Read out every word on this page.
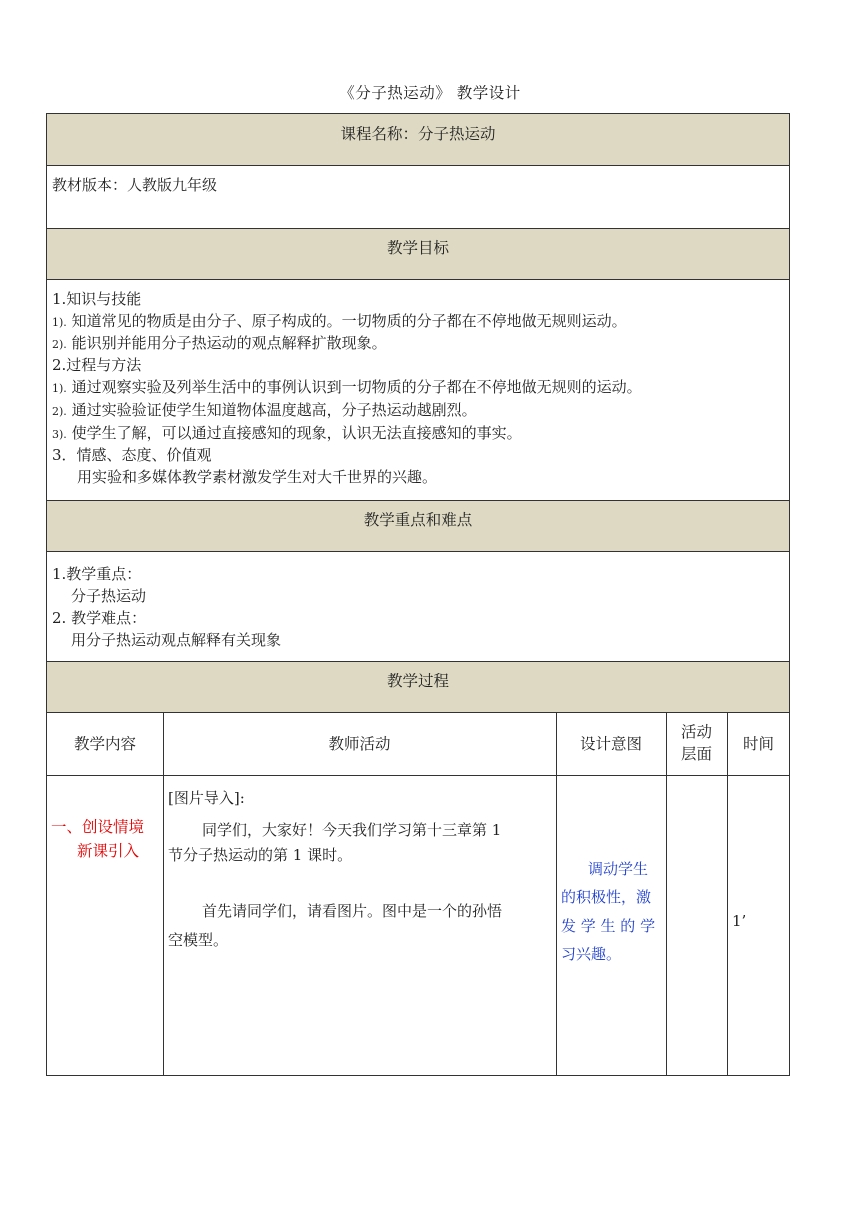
《分子热运动》 教学设计
课程名称：分子热运动
教材版本：人教版九年级
教学目标
1.知识与技能
1). 知道常见的物质是由分子、原子构成的。一切物质的分子都在不停地做无规则运动。
2). 能识别并能用分子热运动的观点解释扩散现象。
2.过程与方法
1). 通过观察实验及列举生活中的事例认识到一切物质的分子都在不停地做无规则的运动。
2). 通过实验验证使学生知道物体温度越高，分子热运动越剧烈。
3). 使学生了解，可以通过直接感知的现象，认识无法直接感知的事实。
3．情感、态度、价值观
用实验和多媒体教学素材激发学生对大千世界的兴趣。
教学重点和难点
1.教学重点：
分子热运动
2. 教学难点：
用分子热运动观点解释有关现象
教学过程
教学内容	教师活动	设计意图
活动
层面
时间
一、创设情境
新课引入
[图片导入]:
同学们，大家好！今天我们学习第十三章第 1
节分子热运动的第 1 课时。
首先请同学们，请看图片。图中是一个的孙悟
空模型。
调动学生
的积极性，激
发 学 生 的 学
习兴趣。
1’
